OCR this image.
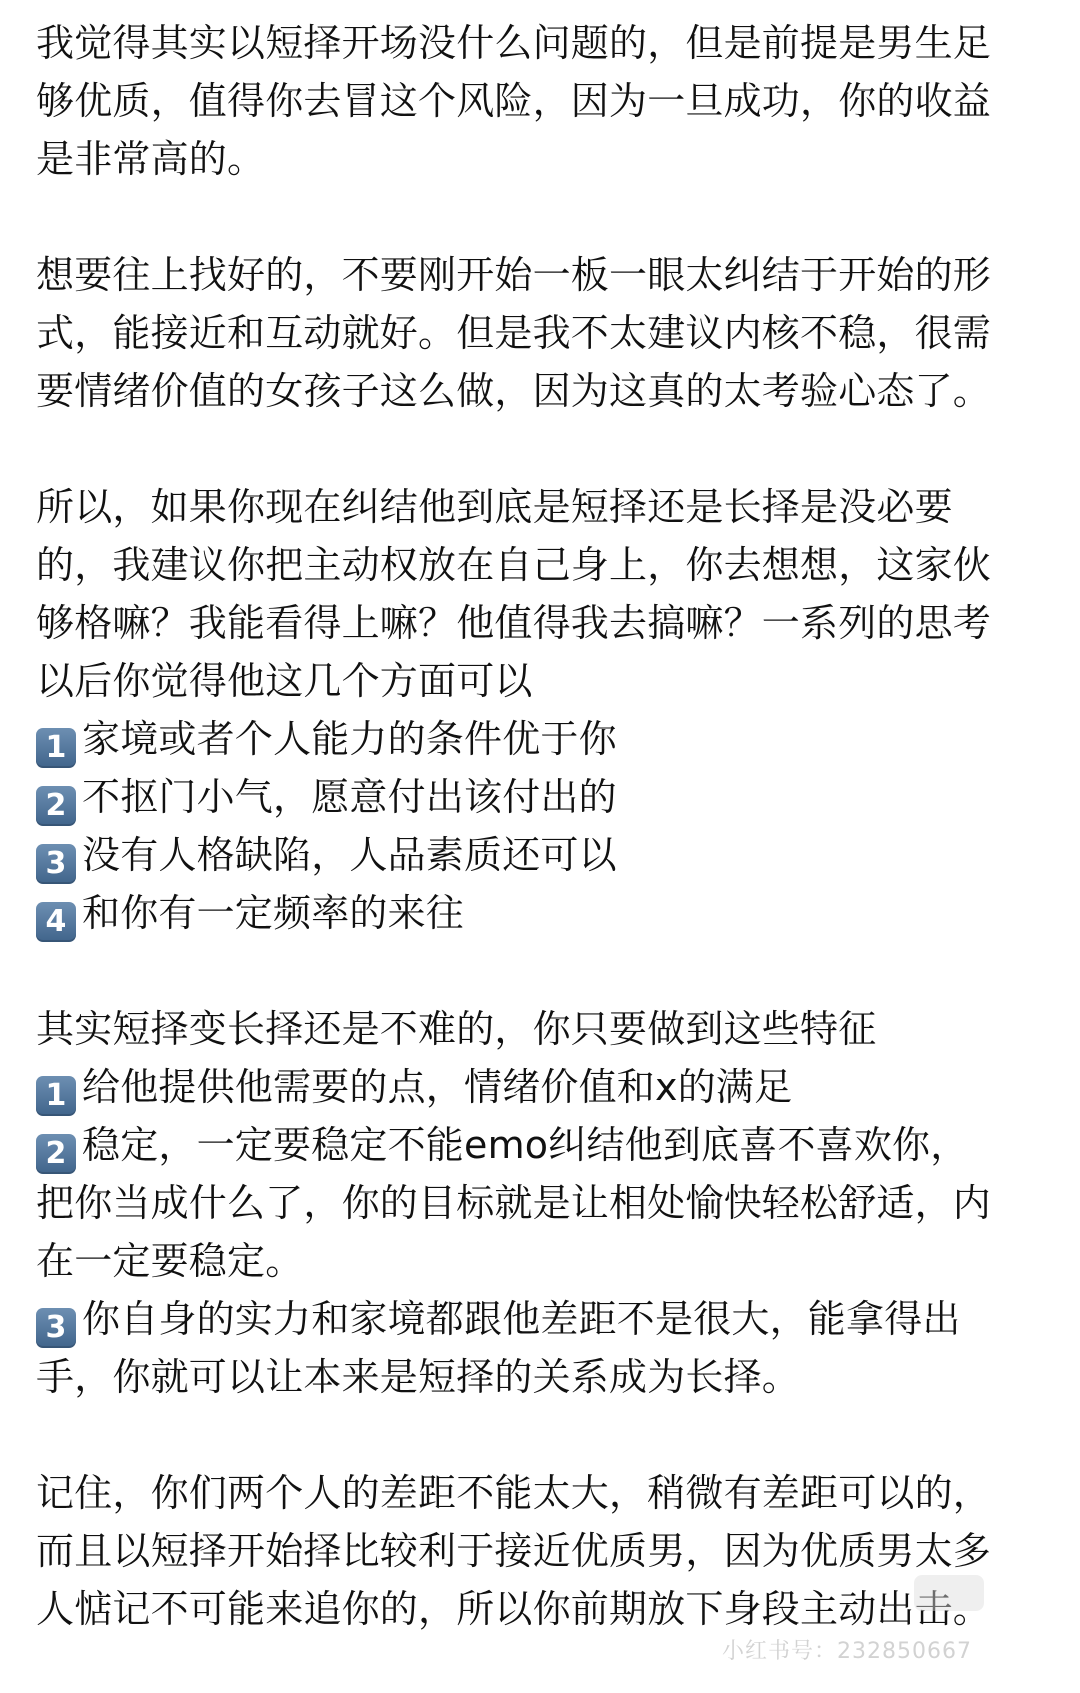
我觉得其实以短择开场没什么问题的，但是前提是男生足
够优质，值得你去冒这个风险，因为一旦成功，你的收益
是非常高的。
想要往上找好的，不要刚开始一板一眼太纠结于开始的形
式，能接近和互动就好。但是我不太建议内核不稳，很需
要情绪价值的女孩子这么做，因为这真的太考验心态了。
所以，如果你现在纠结他到底是短择还是长择是没必要
的，我建议你把主动权放在自己身上，你去想想，这家伙
够格嘛？我能看得上嘛？他值得我去搞嘛？一系列的思考
以后你觉得他这几个方面可以
1 家境或者个人能力的条件优于你
2 不抠门小气，愿意付出该付出的
3 没有人格缺陷，人品素质还可以
4 和你有一定频率的来往
其实短择变长择还是不难的，你只要做到这些特征
1 给他提供他需要的点，情绪价值和x的满足
2 稳定，一定要稳定不能emo纠结他到底喜不喜欢你，
把你当成什么了，你的目标就是让相处愉快轻松舒适，内
在一定要稳定。
3 你自身的实力和家境都跟他差距不是很大，能拿得出
手，你就可以让本来是短择的关系成为长择。
记住，你们两个人的差距不能太大，稍微有差距可以的，
而且以短择开始择比较利于接近优质男，因为优质男太多
人惦记不可能来追你的，所以你前期放下身段主动出击。
小红书号：232850667
